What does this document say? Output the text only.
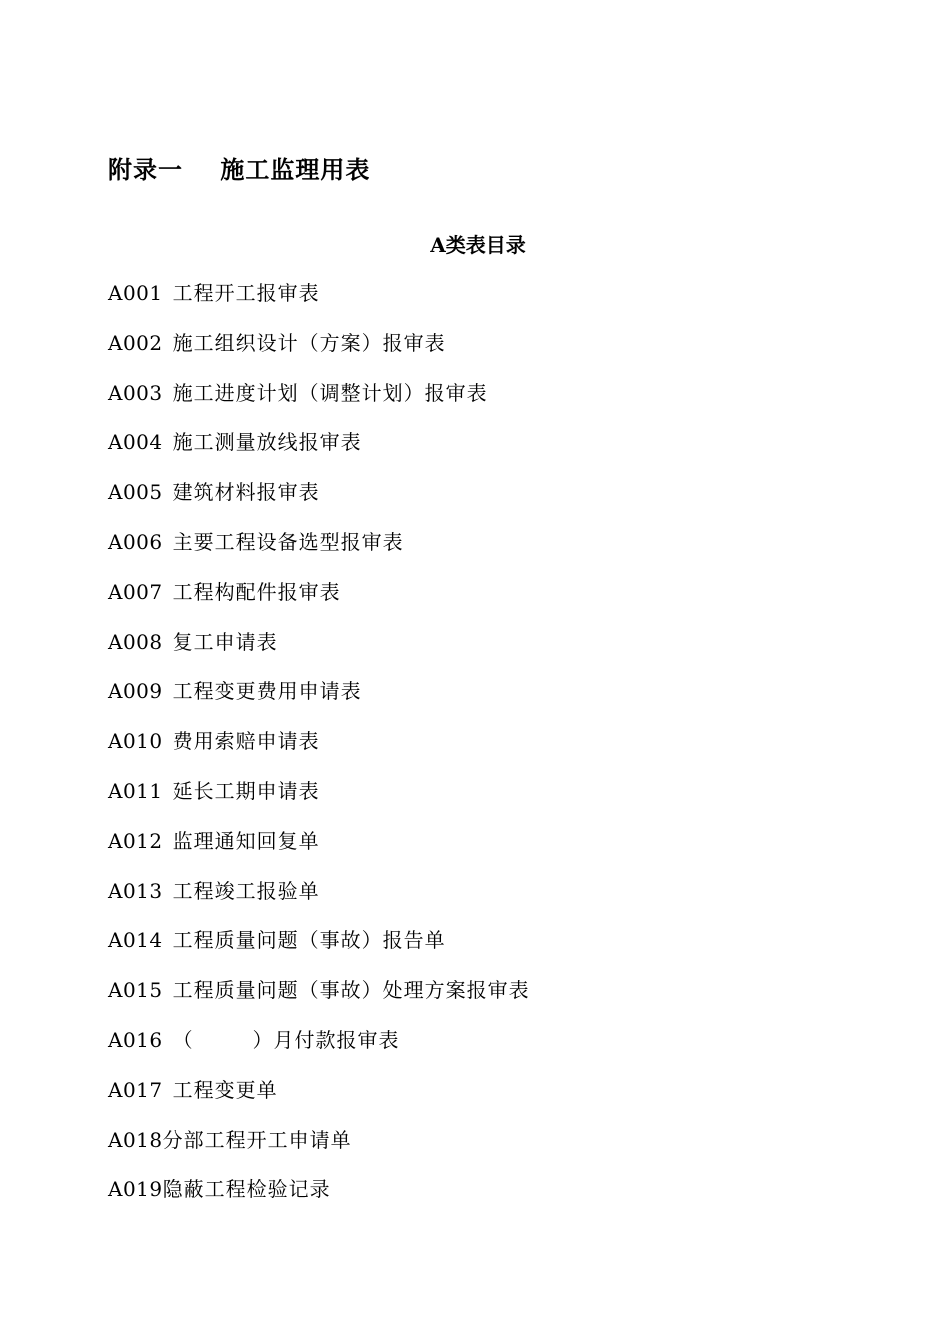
附录一    施工监理用表
A类表目录
A001 工程开工报审表
A002 施工组织设计（方案）报审表
A003 施工进度计划（调整计划）报审表
A004 施工测量放线报审表
A005 建筑材料报审表
A006 主要工程设备选型报审表
A007 工程构配件报审表
A008 复工申请表
A009 工程变更费用申请表
A010 费用索赔申请表
A011 延长工期申请表
A012 监理通知回复单
A013 工程竣工报验单
A014 工程质量问题（事故）报告单
A015 工程质量问题（事故）处理方案报审表
A016 （        ）月付款报审表
A017 工程变更单
A018分部工程开工申请单
A019隐蔽工程检验记录
